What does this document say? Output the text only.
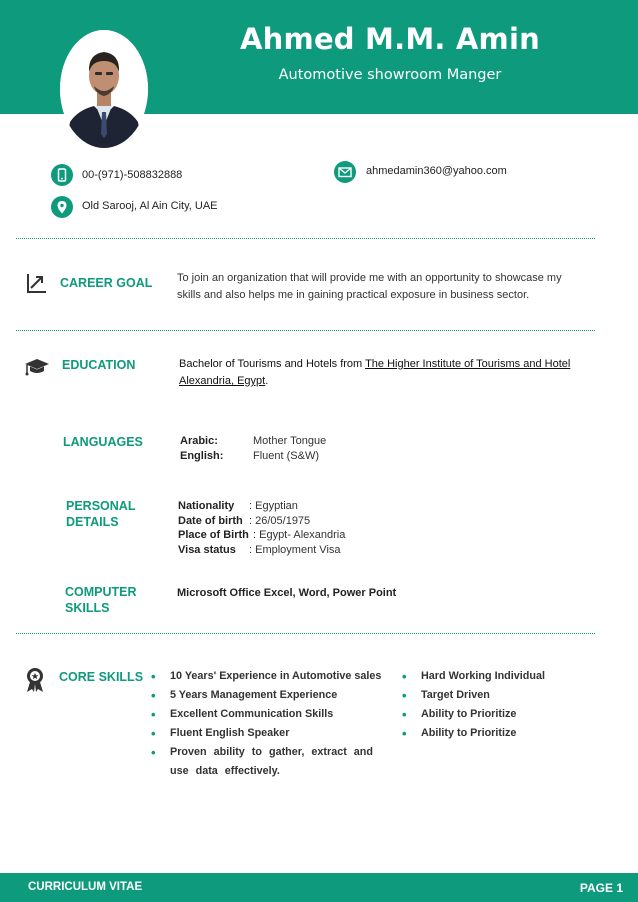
Ahmed M.M. Amin
Automotive showroom Manger
00-(971)-508832888
Old Sarooj, Al Ain City, UAE
ahmedamin360@yahoo.com
CAREER GOAL To join an organization that will provide me with an opportunity to showcase my skills and also helps me in gaining practical exposure in business sector.
EDUCATION	Bachelor of Tourisms and Hotels from The Higher Institute of Tourisms and Hotel Alexandria, Egypt.
LANGUAGES	Arabic:	Mother Tongue
English:	Fluent (S&W)
PERSONAL
DETAILS
Nationality : Egyptian
Date of birth : 26/05/1975
Place of Birth : Egypt- Alexandria
Visa status : Employment Visa
COMPUTER
SKILLS
Microsoft Office Excel, Word, Power Point
CORE SKILLS
•	10 Years' Experience in Automotive sales
• 5 Years Management Experience
• Excellent Communication Skills
• Fluent English Speaker
• Proven ability to gather, extract and use data effectively.
• Hard Working Individual
• Target Driven
• Ability to Prioritize
• Ability to Prioritize
CURRICULUM VITAE	PAGE 1
